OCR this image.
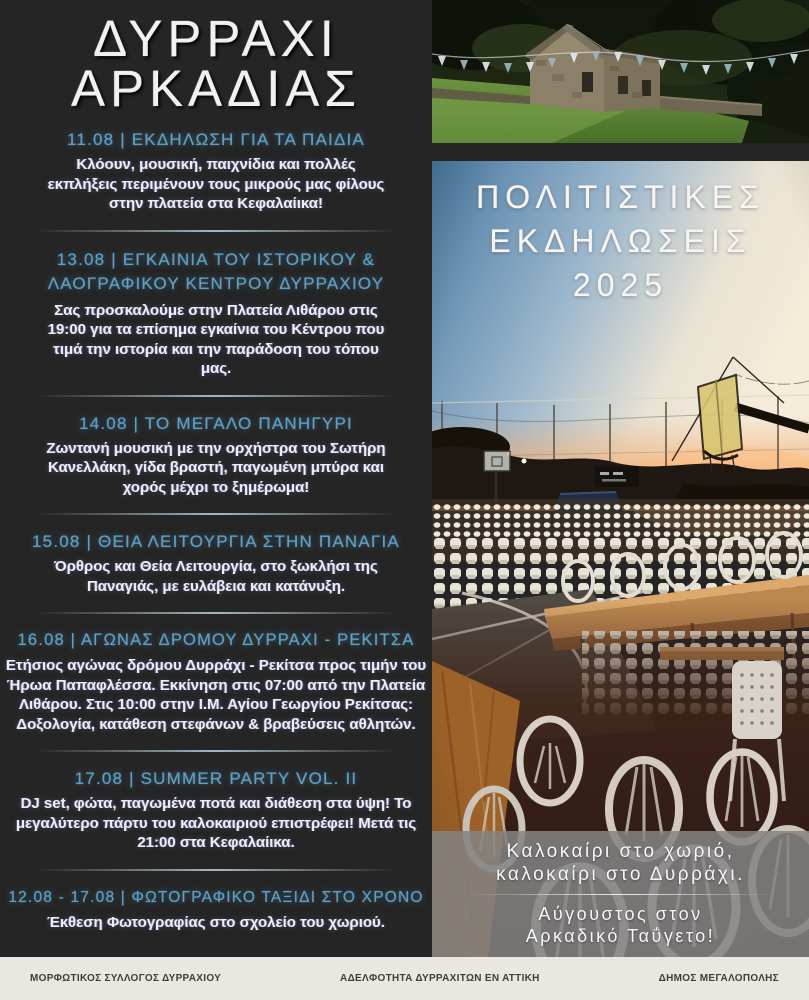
ΔΥΡΡΑΧΙ
ΑΡΚΑΔΙΑΣ
11.08 | ΕΚΔΗΛΩΣΗ ΓΙΑ ΤΑ ΠΑΙΔΙΑ

Κλόουν, μουσική, παιχνίδια και πολλές εκπλήξεις περιμένουν τους μικρούς μας φίλους στην πλατεία στα Κεφαλαίικα!

13.08 | ΕΓΚΑΙΝΙΑ ΤΟΥ ΙΣΤΟΡΙΚΟΥ & ΛΑΟΓΡΑΦΙΚΟΥ ΚΕΝΤΡΟΥ ΔΥΡΡΑΧΙΟΥ

Σας προσκαλούμε στην Πλατεία Λιθάρου στις 19:00 για τα επίσημα εγκαίνια του Κέντρου που τιμά την ιστορία και την παράδοση του τόπου μας.

14.08 | ΤΟ ΜΕΓΑΛΟ ΠΑΝΗΓΥΡΙ

Ζωντανή μουσική με την ορχήστρα του Σωτήρη Κανελλάκη, γίδα βραστή, παγωμένη μπύρα και χορός μέχρι το ξημέρωμα!

15.08 | ΘΕΙΑ ΛΕΙΤΟΥΡΓΙΑ ΣΤΗΝ ΠΑΝΑΓΙΑ

Όρθρος και Θεία Λειτουργία, στο ξωκλήσι της Παναγιάς, με ευλάβεια και κατάνυξη.

16.08 | ΑΓΩΝΑΣ ΔΡΟΜΟΥ ΔΥΡΡΑΧΙ - ΡΕΚΙΤΣΑ

Ετήσιος αγώνας δρόμου Δυρράχι - Ρεκίτσα προς τιμήν του Ήρωα Παπαφλέσσα. Εκκίνηση στις 07:00 από την Πλατεία Λιθάρου. Στις 10:00 στην Ι.Μ. Αγίου Γεωργίου Ρεκίτσας: Δοξολογία, κατάθεση στεφάνων & βραβεύσεις αθλητών.

17.08 | SUMMER PARTY VOL. II

DJ set, φώτα, παγωμένα ποτά και διάθεση στα ύψη! Το μεγαλύτερο πάρτυ του καλοκαιριού επιστρέφει! Μετά τις 21:00 στα Κεφαλαίικα.

12.08 - 17.08 | ΦΩΤΟΓΡΑΦΙΚΟ ΤΑΞΙΔΙ ΣΤΟ ΧΡΟΝΟ

Έκθεση Φωτογραφίας στο σχολείο του χωριού.

ΠΟΛΙΤΙΣΤΙΚΕΣ
ΕΚΔΗΛΩΣΕΙΣ
2025
Καλοκαίρι στο χωριό,
καλοκαίρι στο Δυρράχι.
Αύγουστος στον
Αρκαδικό Ταΰγετο!
ΜΟΡΦΩΤΙΚΟΣ ΣΥΛΛΟΓΟΣ ΔΥΡΡΑΧΙΟΥ	ΑΔΕΛΦΟΤΗΤΑ ΔΥΡΡΑΧΙΤΩΝ ΕΝ ΑΤΤΙΚΗ	ΔΗΜΟΣ ΜΕΓΑΛΟΠΟΛΗΣ
